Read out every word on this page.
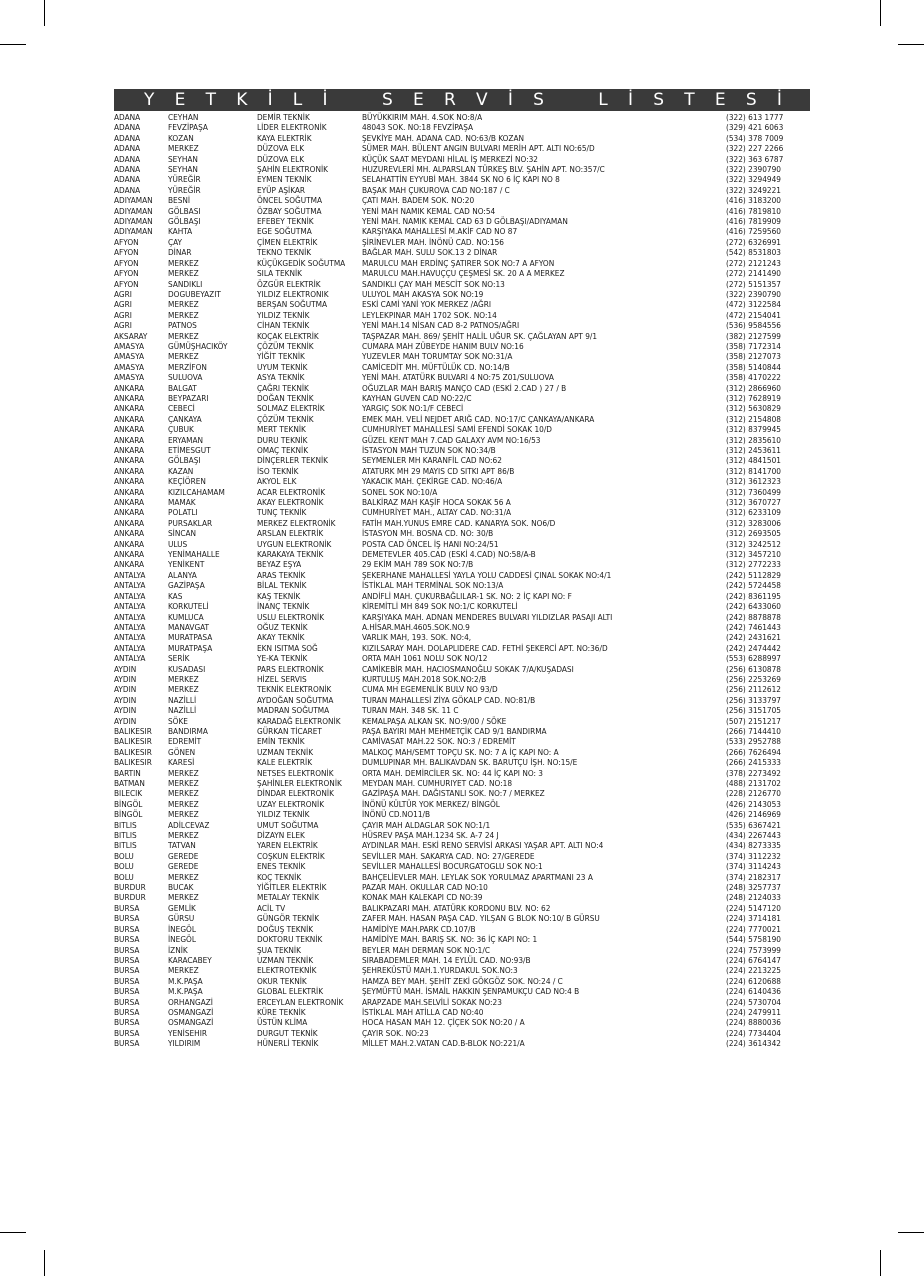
Y E T K İ L İ	S E R V İ S	L İ S T E S İ
ADANA	CEYHAN	DEMİR TEKNİK	BÜYÜKKIRIM MAH. 4.SOK NO:8/A	(322) 613 1777
ADANA	FEVZİPAŞA	LİDER ELEKTRONİK	48043 SOK. NO:18 FEVZİPAŞA	(329) 421 6063
ADANA	KOZAN	KAYA ELEKTRİK	ŞEVKİYE MAH. ADANA CAD. NO:63/B KOZAN	(534) 378 7009
ADANA	MERKEZ	DÜZOVA ELK	SÜMER MAH. BÜLENT ANGIN BULVARI MERİH APT. ALTI NO:65/D	(322) 227 2266
ADANA	SEYHAN	DÜZOVA ELK	KÜÇÜK SAAT MEYDANI HİLAL İŞ MERKEZİ NO:32	(322) 363 6787
ADANA	SEYHAN	ŞAHİN ELEKTRONİK	HUZUREVLERİ MH. ALPARSLAN TÜRKEŞ BLV. ŞAHİN APT. NO:357/C	(322) 2390790
ADANA	YÜREĞİR	EYMEN TEKNİK	SELAHATTİN EYYUBİ MAH. 3844 SK NO 6 İÇ KAPI NO 8	(322) 3294949
ADANA	YÜREĞİR	EYÜP AŞİKAR	BAŞAK MAH ÇUKUROVA CAD NO:187 / C	(322) 3249221
ADIYAMAN	BESNİ	ÖNCEL SOĞUTMA	ÇATI MAH. BADEM SOK. NO:20	(416) 3183200
ADIYAMAN	GÖLBASI	ÖZBAY SOĞUTMA	YENİ MAH NAMIK KEMAL CAD NO:54	(416) 7819810
ADIYAMAN	GÖLBAŞI	EFEBEY TEKNİK	YENİ MAH. NAMIK KEMAL CAD 63 D GÖLBAŞI/ADIYAMAN	(416) 7819909
ADIYAMAN	KAHTA	EGE SOĞUTMA	KARŞIYAKA MAHALLESİ M.AKİF CAD NO 87	(416) 7259560
AFYON	ÇAY	ÇİMEN ELEKTRİK	ŞİRİNEVLER MAH. İNÖNÜ CAD. NO:156	(272) 6326991
AFYON	DİNAR	TEKNO TEKNİK	BAĞLAR MAH. SULU SOK.13 2 DİNAR	(542) 8531803
AFYON	MERKEZ	KÜÇÜKGEDİK SOĞUTMA	MARULCU MAH ERDİNÇ ŞATIRER SOK NO:7 A AFYON	(272) 2121243
AFYON	MERKEZ	SILA TEKNİK	MARULCU MAH.HAVUÇÇU ÇEŞMESİ SK. 20 A A MERKEZ	(272) 2141490
AFYON	SANDIKLI	ÖZGÜR ELEKTRİK	SANDIKLI ÇAY MAH MESCİT SOK NO:13	(272) 5151357
AGRI	DOGUBEYAZIT	YILDIZ ELEKTRONIK	ULUYOL MAH AKASYA SOK NO:19	(322) 2390790
AGRI	MERKEZ	BERŞAN SOĞUTMA	ESKİ CAMİ YANİ YOK MERKEZ /AĞRI	(472) 3122584
AGRI	MERKEZ	YILDIZ TEKNİK	LEYLEKPINAR MAH 1702 SOK. NO:14	(472) 2154041
AGRI	PATNOS	CİHAN TEKNİK	YENİ MAH.14 NİSAN CAD 8-2 PATNOS/AĞRI	(536) 9584556
AKSARAY	MERKEZ	KOÇAK ELEKTRİK	TAŞPAZAR MAH. 869/ ŞEHİT HALİL UĞUR SK. ÇAĞLAYAN APT 9/1	(382) 2127599
AMASYA	GÜMÜŞHACIKÖY	ÇÖZÜM TEKNİK	CUMARA MAH ZÜBEYDE HANIM BULV NO:16	(358) 7172314
AMASYA	MERKEZ	YİĞİT TEKNİK	YUZEVLER MAH TORUMTAY SOK NO:31/A	(358) 2127073
AMASYA	MERZİFON	UYUM TEKNİK	CAMİCEDİT MH. MÜFTÜLÜK CD. NO:14/B	(358) 5140844
AMASYA	SULUOVA	ASYA TEKNİK	YENİ MAH. ATATÜRK BULVARI 4 NO:75 Z01/SULUOVA	(358) 4170222
ANKARA	BALGAT	ÇAĞRI TEKNİK	OĞUZLAR MAH BARIŞ MANÇO CAD (ESKİ 2.CAD ) 27 / B	(312) 2866960
ANKARA	BEYPAZARI	DOĞAN TEKNİK	KAYHAN GUVEN CAD NO:22/C	(312) 7628919
ANKARA	CEBECİ	SOLMAZ ELEKTRİK	YARGIÇ SOK NO:1/F CEBECİ	(312) 5630829
ANKARA	ÇANKAYA	ÇÖZÜM TEKNİK	EMEK MAH. VELİ NEJDET ARIĞ CAD. NO:17/C ÇANKAYA/ANKARA	(312) 2154808
ANKARA	ÇUBUK	MERT TEKNİK	CUMHURİYET MAHALLESİ SAMİ EFENDİ SOKAK 10/D	(312) 8379945
ANKARA	ERYAMAN	DURU TEKNİK	GÜZEL KENT MAH 7.CAD GALAXY AVM NO:16/53	(312) 2835610
ANKARA	ETİMESGUT	OMAÇ TEKNİK	İSTASYON MAH TUZUN SOK NO:34/B	(312) 2453611
ANKARA	GÖLBAŞI	DİNÇERLER TEKNİK	SEYMENLER MH KARANFİL CAD NO:62	(312) 4841501
ANKARA	KAZAN	İSO TEKNİK	ATATURK MH 29 MAYIS CD SITKI APT 86/B	(312) 8141700
ANKARA	KEÇİÖREN	AKYOL ELK	YAKACIK MAH. ÇEKİRGE CAD. NO:46/A	(312) 3612323
ANKARA	KIZILCAHAMAM	ACAR ELEKTRONİK	SONEL SOK NO:10/A	(312) 7360499
ANKARA	MAMAK	AKAY ELEKTRONİK	BALKİRAZ MAH KAŞİF HOCA SOKAK 56 A	(312) 3670727
ANKARA	POLATLI	TUNÇ TEKNİK	CUMHURİYET MAH., ALTAY CAD. NO:31/A	(312) 6233109
ANKARA	PURSAKLAR	MERKEZ ELEKTRONİK	FATİH MAH.YUNUS EMRE CAD. KANARYA SOK. NO6/D	(312) 3283006
ANKARA	SİNCAN	ARSLAN ELEKTRİK	İSTASYON MH. BOSNA CD. NO: 30/B	(312) 2693505
ANKARA	ULUS	UYGUN ELEKTRONİK	POSTA CAD ÖNCEL İŞ HANI NO:24/51	(312) 3242512
ANKARA	YENİMAHALLE	KARAKAYA TEKNİK	DEMETEVLER 405.CAD (ESKİ 4.CAD) NO:58/A-B	(312) 3457210
ANKARA	YENİKENT	BEYAZ EŞYA	29 EKİM MAH 789 SOK NO:7/B	(312) 2772233
ANTALYA	ALANYA	ARAS TEKNİK	ŞEKERHANE MAHALLESİ YAYLA YOLU CADDESİ ÇINAL SOKAK NO:4/1	(242) 5112829
ANTALYA	GAZİPAŞA	BİLAL TEKNİK	İSTİKLAL MAH TERMİNAL SOK NO:13/A	(242) 5724458
ANTALYA	KAS	KAŞ TEKNİK	ANDİFLİ MAH. ÇUKURBAĞLILAR-1 SK. NO: 2 İÇ KAPI NO: F	(242) 8361195
ANTALYA	KORKUTELİ	İNANÇ TEKNİK	KİREMİTLİ MH 849 SOK NO:1/C KORKUTELİ	(242) 6433060
ANTALYA	KUMLUCA	USLU ELEKTRONİK	KARŞIYAKA MAH. ADNAN MENDERES BULVARI YILDIZLAR PASAJI ALTI	(242) 8878878
ANTALYA	MANAVGAT	OĞUZ TEKNİK	A.HİSAR.MAH.4605.SOK.NO.9	(242) 7461443
ANTALYA	MURATPASA	AKAY TEKNİK	VARLIK MAH, 193. SOK. NO:4,	(242) 2431621
ANTALYA	MURATPAŞA	EKN ISITMA SOĞ	KIZILSARAY MAH. DOLAPLIDERE CAD. FETHİ ŞEKERCİ APT. NO:36/D	(242) 2474442
ANTALYA	SERİK	YE-KA TEKNİK	ORTA MAH 1061 NOLU SOK NO/12	(553) 6288997
AYDIN	KUSADASI	PARS ELEKTRONİK	CAMİKEBİR MAH. HACIOSMANOĞLU SOKAK 7/A/KUŞADASI	(256) 6130878
AYDIN	MERKEZ	HİZEL SERVIS	KURTULUŞ MAH.2018 SOK.NO:2/B	(256) 2253269
AYDIN	MERKEZ	TEKNİK ELEKTRONİK	CUMA MH EGEMENLİK BULV NO 93/D	(256) 2112612
AYDIN	NAZİLLİ	AYDOĞAN SOĞUTMA	TURAN MAHALLESİ ZİYA GÖKALP CAD. NO:81/B	(256) 3133797
AYDIN	NAZİLLİ	MADRAN SOĞUTMA	TURAN MAH. 348 SK. 11 C	(256) 3151705
AYDIN	SÖKE	KARADAĞ ELEKTRONİK	KEMALPAŞA ALKAN SK. NO:9/00 / SÖKE	(507) 2151217
BALIKESIR	BANDIRMA	GÜRKAN TİCARET	PAŞA BAYIRI MAH MEHMETÇİK CAD 9/1 BANDIRMA	(266) 7144410
BALIKESIR	EDREMİT	EMİN TEKNİK	CAMİVASAT MAH.22 SOK. NO:3 / EDREMİT	(533) 2952788
BALIKESIR	GÖNEN	UZMAN TEKNİK	MALKOÇ MAH/SEMT TOPÇU SK. NO: 7 A İÇ KAPI NO: A	(266) 7626494
BALIKESIR	KARESİ	KALE ELEKTRİK	DUMLUPINAR MH. BALIKAVDAN SK. BARUTÇU İŞH. NO:15/E	(266) 2415333
BARTIN	MERKEZ	NETSES ELEKTRONİK	ORTA MAH. DEMİRCİLER SK. NO: 44 İÇ KAPI NO: 3	(378) 2273492
BATMAN	MERKEZ	ŞAHİNLER ELEKTRONİK	MEYDAN MAH. CUMHURIYET CAD. NO:18	(488) 2131702
BILECIK	MERKEZ	DİNDAR ELEKTRONİK	GAZİPAŞA MAH. DAĞISTANLI SOK. NO:7 / MERKEZ	(228) 2126770
BİNGÖL	MERKEZ	UZAY ELEKTRONİK	İNÖNÜ KÜLTÜR YOK MERKEZ/ BİNGÖL	(426) 2143053
BİNGÖL	MERKEZ	YILDIZ TEKNİK	İNÖNÜ CD.NO11/B	(426) 2146969
BITLIS	ADİLCEVAZ	UMUT SOĞUTMA	ÇAYIR MAH ALDAGLAR SOK NO:1/1	(535) 6367421
BITLIS	MERKEZ	DİZAYN ELEK	HÜSREV PAŞA MAH.1234 SK. A-7 24 J	(434) 2267443
BITLIS	TATVAN	YAREN ELEKTRİK	AYDINLAR MAH. ESKİ RENO SERVİSİ ARKASI YAŞAR APT. ALTI NO:4	(434) 8273335
BOLU	GEREDE	COŞKUN ELEKTRİK	SEVİLLER MAH. SAKARYA CAD. NO: 27/GEREDE	(374) 3112232
BOLU	GEREDE	ENES TEKNİK	SEVİLLER MAHALLESİ BOCURGATOGLU SOK NO:1	(374) 3114243
BOLU	MERKEZ	KOÇ TEKNİK	BAHÇELİEVLER MAH. LEYLAK SOK YORULMAZ APARTMANI 23 A	(374) 2182317
BURDUR	BUCAK	YİĞİTLER ELEKTRİK	PAZAR MAH. OKULLAR CAD NO:10	(248) 3257737
BURDUR	MERKEZ	METALAY TEKNİK	KONAK MAH KALEKAPI CD NO:39	(248) 2124033
BURSA	GEMLİK	ACİL TV	BALIKPAZARI MAH. ATATÜRK KORDONU BLV. NO: 62	(224) 5147120
BURSA	GÜRSU	GÜNGÖR TEKNİK	ZAFER MAH. HASAN PAŞA CAD. YILŞAN G BLOK NO:10/ B GÜRSU	(224) 3714181
BURSA	İNEGÖL	DOĞUŞ TEKNİK	HAMİDİYE MAH.PARK CD.107/B	(224) 7770021
BURSA	İNEGÖL	DOKTORU TEKNİK	HAMİDİYE MAH. BARIŞ SK. NO: 36 İÇ KAPI NO: 1	(544) 5758190
BURSA	İZNİK	ŞUA TEKNİK	BEYLER MAH DERMAN SOK NO:1/C	(224) 7573999
BURSA	KARACABEY	UZMAN TEKNİK	SIRABADEMLER MAH. 14 EYLÜL CAD. NO:93/B	(224) 6764147
BURSA	MERKEZ	ELEKTROTEKNİK	ŞEHREKÜSTÜ MAH.1.YURDAKUL SOK.NO:3	(224) 2213225
BURSA	M.K.PAŞA	OKUR TEKNİK	HAMZA BEY MAH. ŞEHİT ZEKİ GÖKGÖZ SOK. NO:24 / C	(224) 6120688
BURSA	M.K.PAŞA	GLOBAL ELEKTRİK	ŞEYMÜFTÜ MAH. İSMAİL HAKKIN ŞENPAMUKÇU CAD NO:4 B	(224) 6140436
BURSA	ORHANGAZİ	ERCEYLAN ELEKTRONİK	ARAPZADE MAH.SELVİLİ SOKAK NO:23	(224) 5730704
BURSA	OSMANGAZİ	KÜRE TEKNİK	İSTİKLAL MAH ATİLLA CAD NO:40	(224) 2479911
BURSA	OSMANGAZİ	ÜSTÜN KLİMA	HOCA HASAN MAH 12. ÇİÇEK SOK NO:20 / A	(224) 8880036
BURSA	YENİSEHIR	DURGUT TEKNİK	ÇAYIR SOK. NO:23	(224) 7734404
BURSA	YILDIRIM	HÜNERLİ TEKNİK	MİLLET MAH.2.VATAN CAD.B-BLOK NO:221/A	(224) 3614342
